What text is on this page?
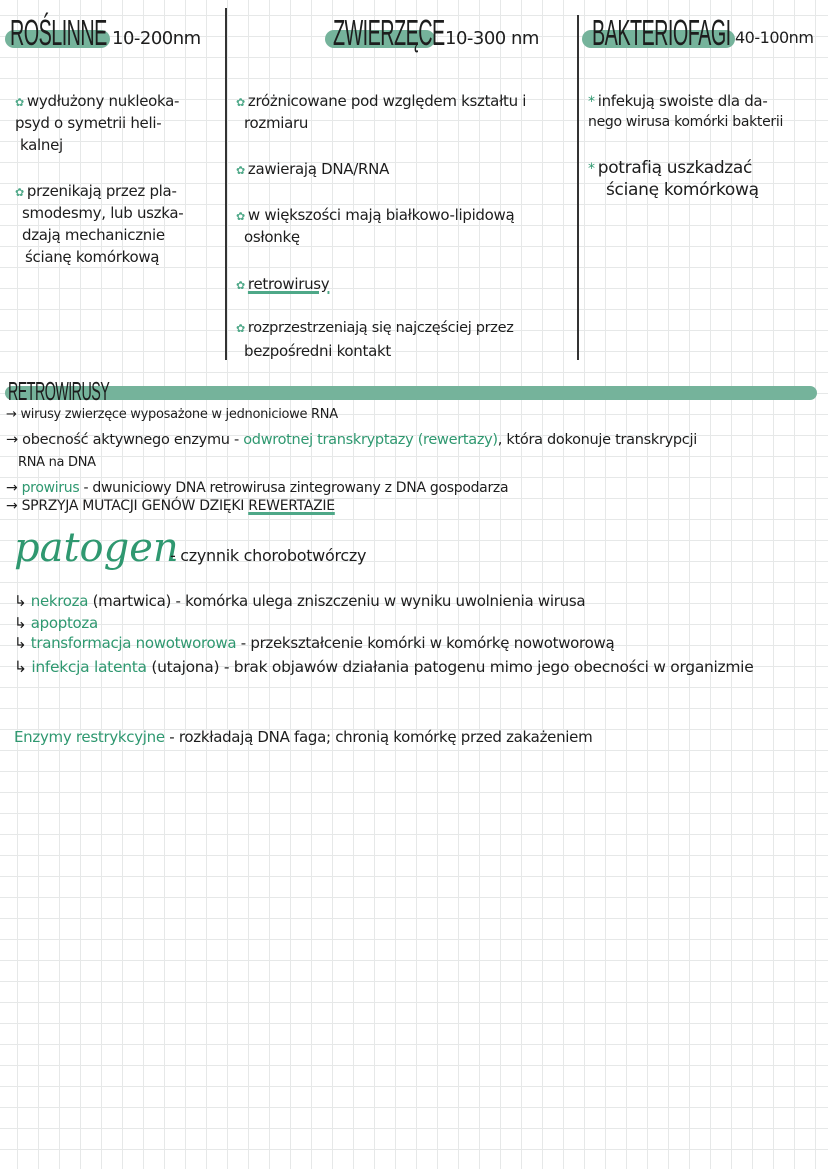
ROŚLINNE 10-200nm
✿ wydłużony nukleoka-
psyd o symetrii heli-
kalnej
✿ przenikają przez pla-
smodesmy, lub uszka-
dzają mechanicznie
ścianę komórkową
ZWIERZĘCE 10-300 nm
✿ zróżnicowane pod względem kształtu i
rozmiaru
✿ zawierają DNA/RNA
✿ w większości mają białkowo-lipidową
osłonkę
✿ retrowirusy
✿ rozprzestrzeniają się najczęściej przez
bezpośredni kontakt
BAKTERIOFAGI 40-100nm
* infekują swoiste dla da-
nego wirusa komórki bakterii
* potrafią uszkadzać
ścianę komórkową
RETROWIRUSY
→ wirusy zwierzęce wyposażone w jednoniciowe RNA
→ obecność aktywnego enzymu - odwrotnej transkryptazy (rewertazy), która dokonuje transkrypcji
RNA na DNA
→ prowirus - dwuniciowy DNA retrowirusa zintegrowany z DNA gospodarza
→ SPRZYJA MUTACJI GENÓW DZIĘKI REWERTAZIE
patogen
- czynnik chorobotwórczy
↳ nekroza (martwica) - komórka ulega zniszczeniu w wyniku uwolnienia wirusa
↳ apoptoza
↳ transformacja nowotworowa - przekształcenie komórki w komórkę nowotworową
↳ infekcja latenta (utajona) - brak objawów działania patogenu mimo jego obecności w organizmie
Enzymy restrykcyjne - rozkładają DNA faga; chronią komórkę przed zakażeniem
